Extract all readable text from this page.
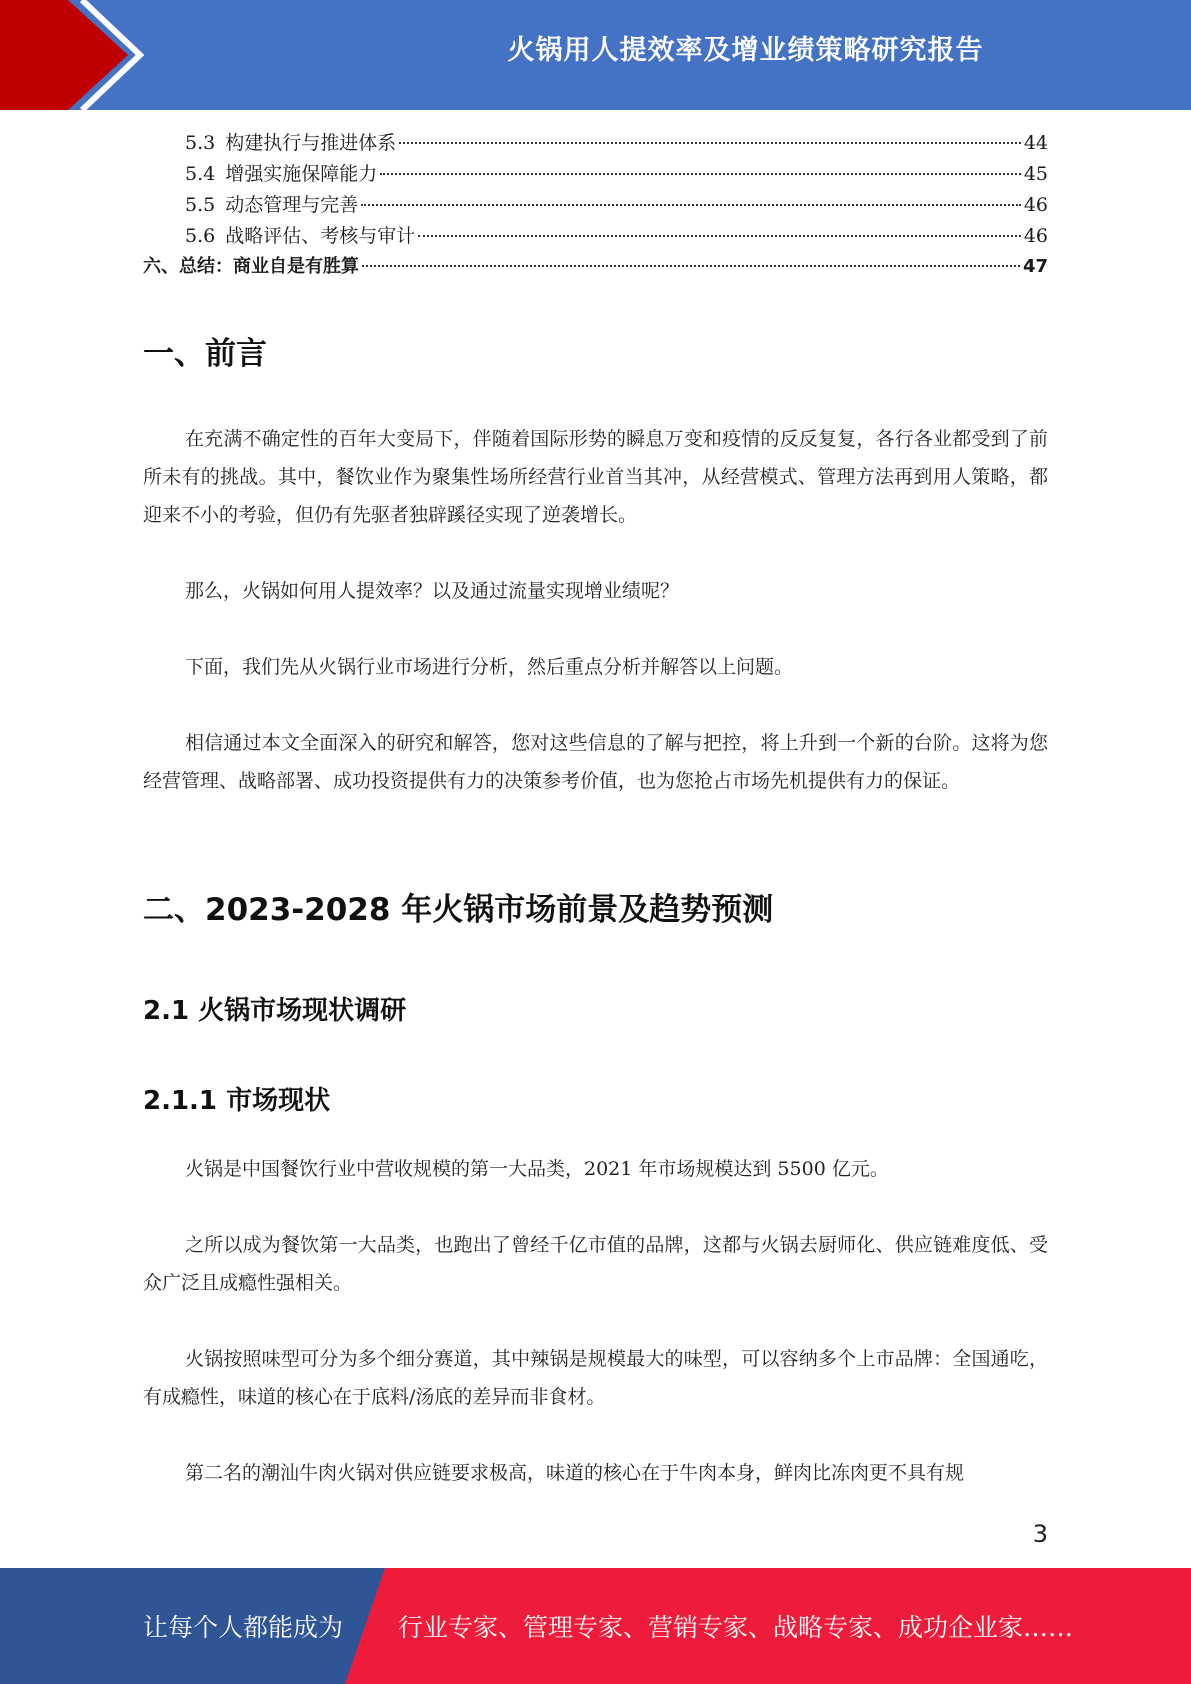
火锅用人提效率及增业绩策略研究报告
5.3 构建执行与推进体系	44
5.4 增强实施保障能力	45
5.5 动态管理与完善	46
5.6 战略评估、考核与审计	46
六、总结：商业自是有胜算	47
一、前言

在充满不确定性的百年大变局下，伴随着国际形势的瞬息万变和疫情的反反复复，各行各业都受到了前所未有的挑战。其中，餐饮业作为聚集性场所经营行业首当其冲，从经营模式、管理方法再到用人策略，都迎来不小的考验，但仍有先驱者独辟蹊径实现了逆袭增长。

那么，火锅如何用人提效率？以及通过流量实现增业绩呢？

下面，我们先从火锅行业市场进行分析，然后重点分析并解答以上问题。

相信通过本文全面深入的研究和解答，您对这些信息的了解与把控，将上升到一个新的台阶。这将为您经营管理、战略部署、成功投资提供有力的决策参考价值，也为您抢占市场先机提供有力的保证。

二、2023-2028 年火锅市场前景及趋势预测
2.1 火锅市场现状调研
2.1.1 市场现状

火锅是中国餐饮行业中营收规模的第一大品类，2021 年市场规模达到 5500 亿元。

之所以成为餐饮第一大品类，也跑出了曾经千亿市值的品牌，这都与火锅去厨师化、供应链难度低、受众广泛且成瘾性强相关。

火锅按照味型可分为多个细分赛道，其中辣锅是规模最大的味型，可以容纳多个上市品牌：全国通吃，有成瘾性，味道的核心在于底料/汤底的差异而非食材。

第二名的潮汕牛肉火锅对供应链要求极高，味道的核心在于牛肉本身，鲜肉比冻肉更不具有规

3
让每个人都能成为 行业专家、管理专家、营销专家、战略专家、成功企业家……
